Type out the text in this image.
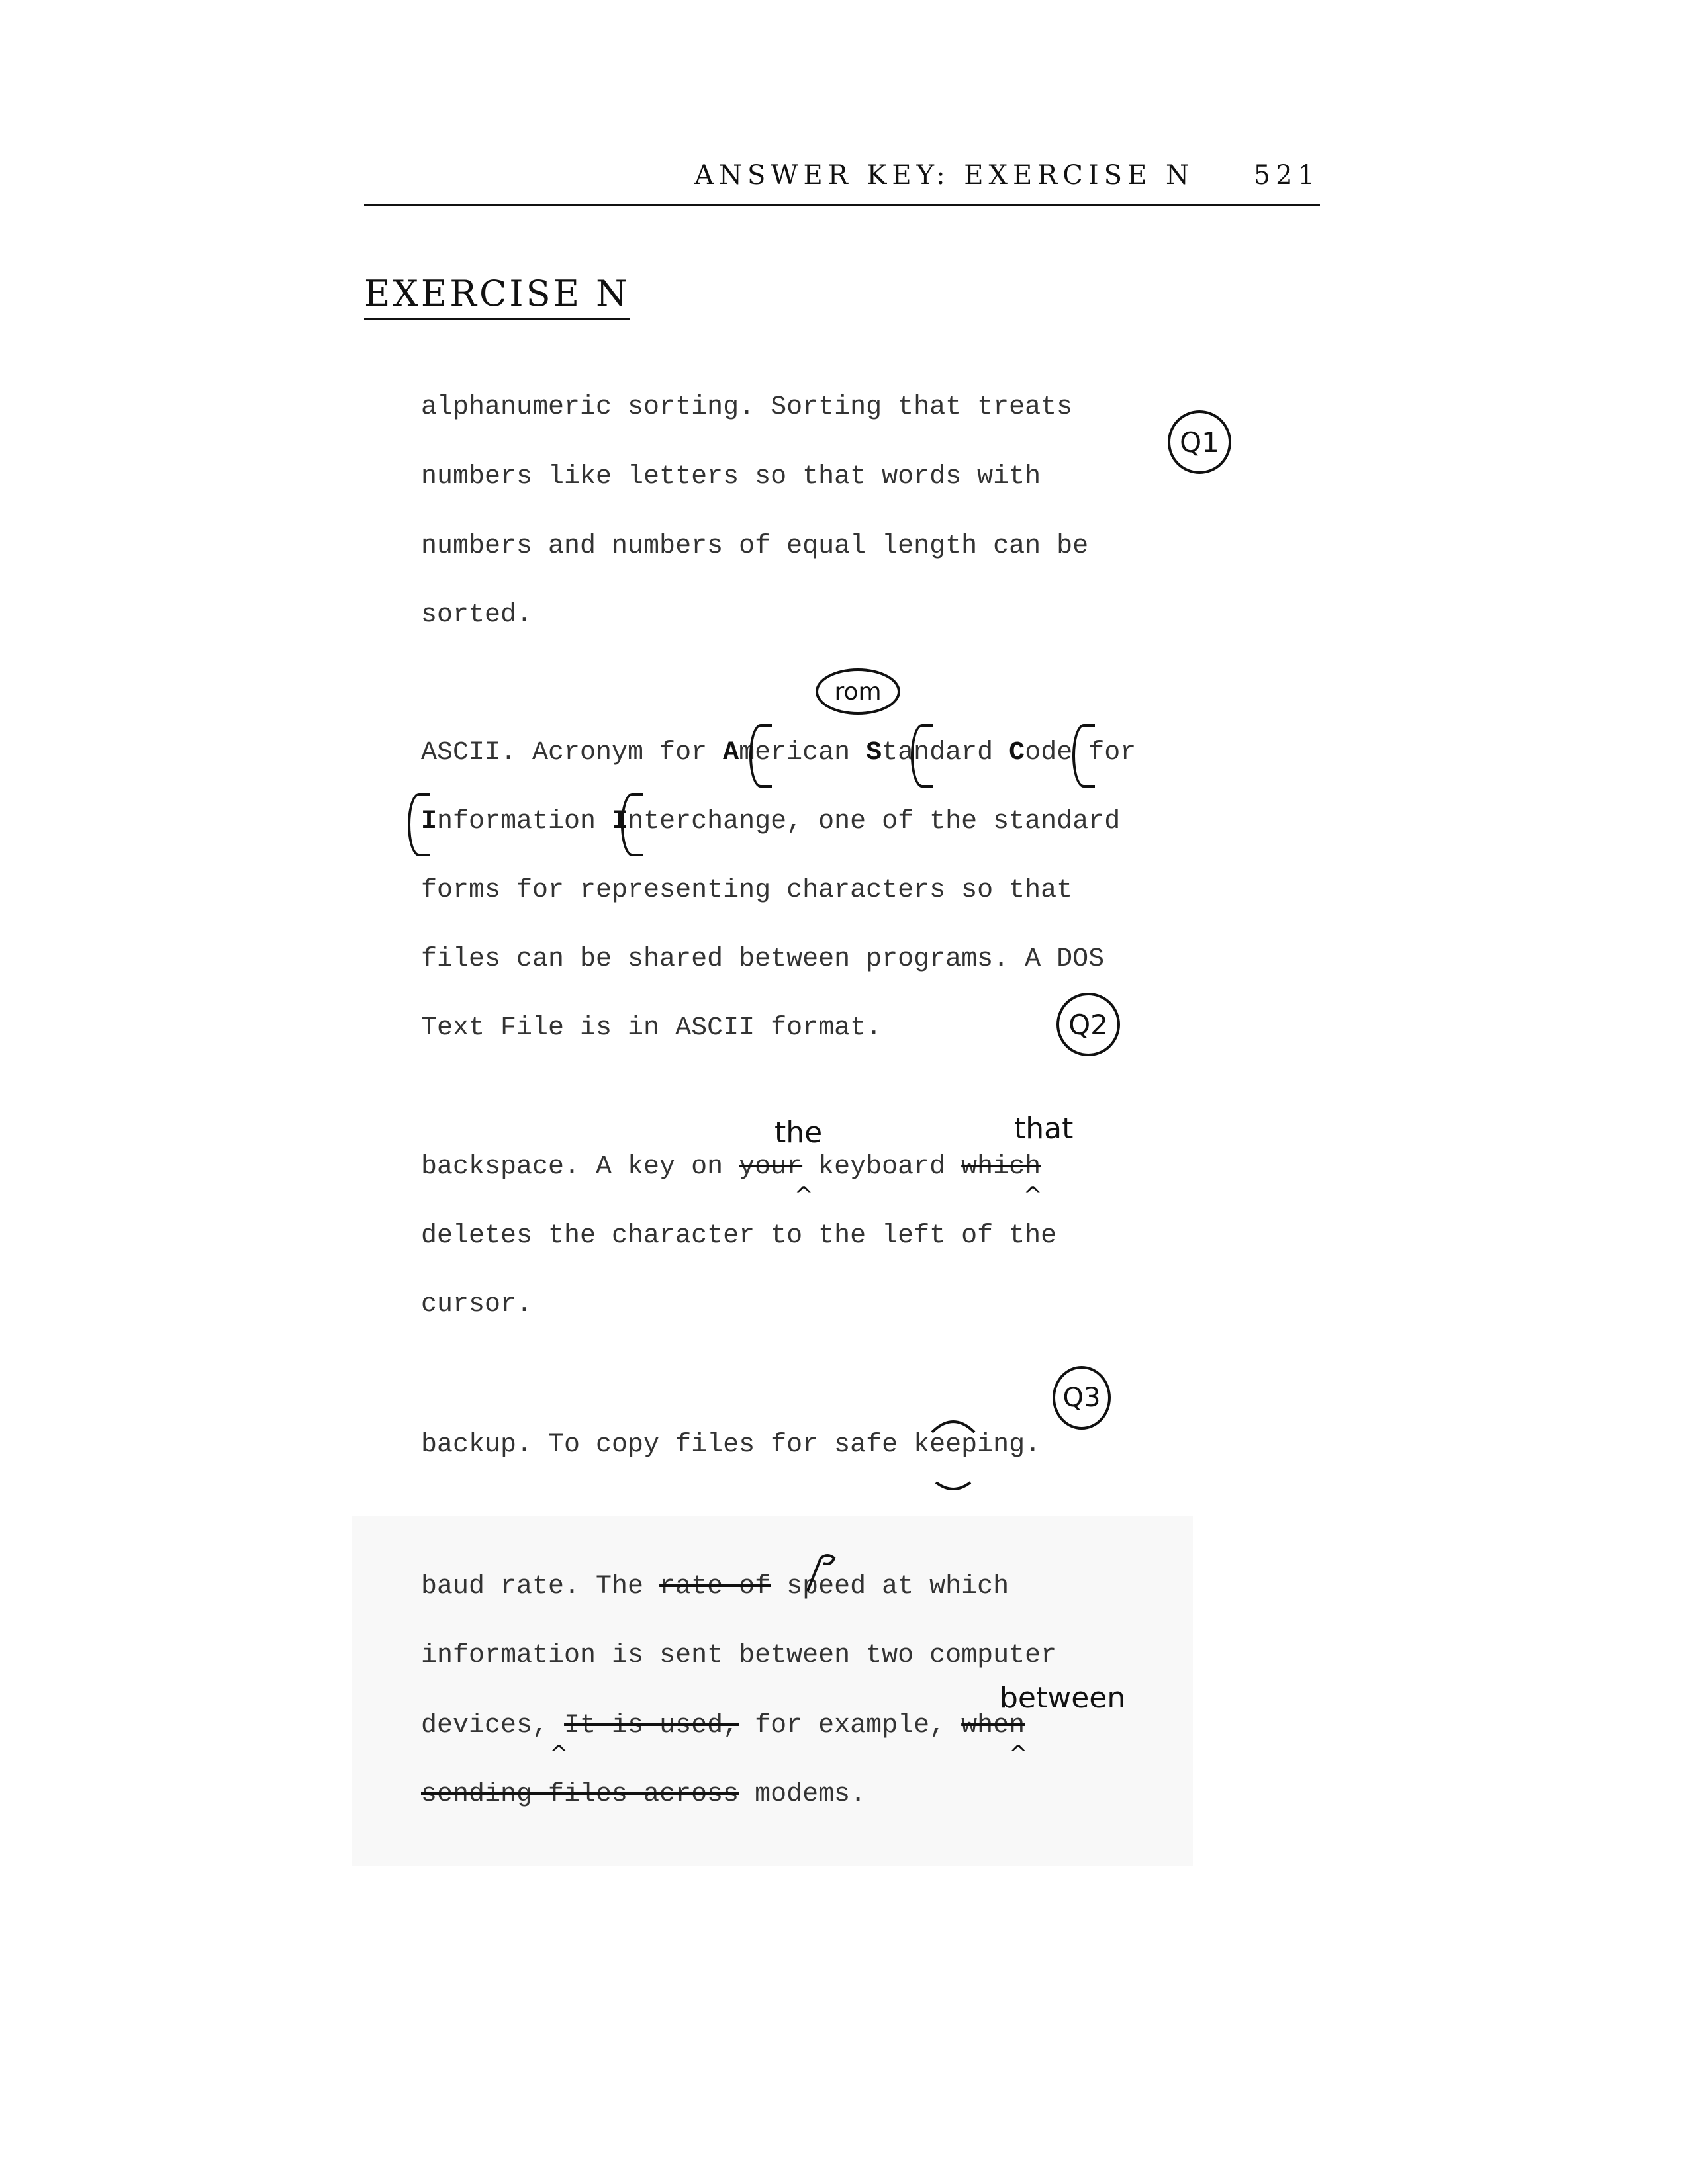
ANSWER KEY: EXERCISE N 521
EXERCISE N
alphanumeric sorting. Sorting that treats
numbers like letters so that words with
numbers and numbers of equal length can be
sorted.
Q1
rom
ASCII. Acronym for American Standard Code for
Information Interchange, one of the standard
forms for representing characters so that
files can be shared between programs. A DOS
Text File is in ASCII format.	Q2
the	that
backspace. A key on your keyboard which
^	^
deletes the character to the left of the
cursor.
Q3
backup. To copy files for safe keeping.
baud rate. The rate of speed at which
information is sent between two computer
between
devices, It is used, for example, when
^	^
sending files across modems.
